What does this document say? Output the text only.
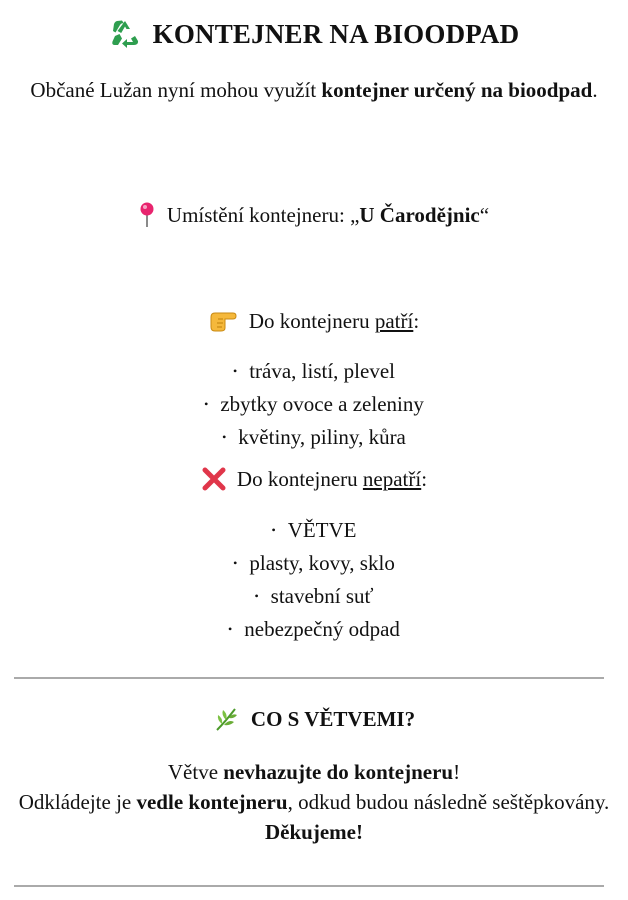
KONTEJNER NA BIOODPAD

Občané Lužan nyní mohou využít kontejner určený na bioodpad.

Umístění kontejneru: „U Čarodějnic“
Do kontejneru patří:
• tráva, listí, plevel
• zbytky ovoce a zeleniny
• květiny, piliny, kůra
Do kontejneru nepatří:
• VĚTVE
• plasty, kovy, sklo
• stavební suť
• nebezpečný odpad
CO S VĚTVEMI?

Větve nevhazujte do kontejneru!
Odkládejte je vedle kontejneru, odkud budou následně seštěpkovány. Děkujeme!
